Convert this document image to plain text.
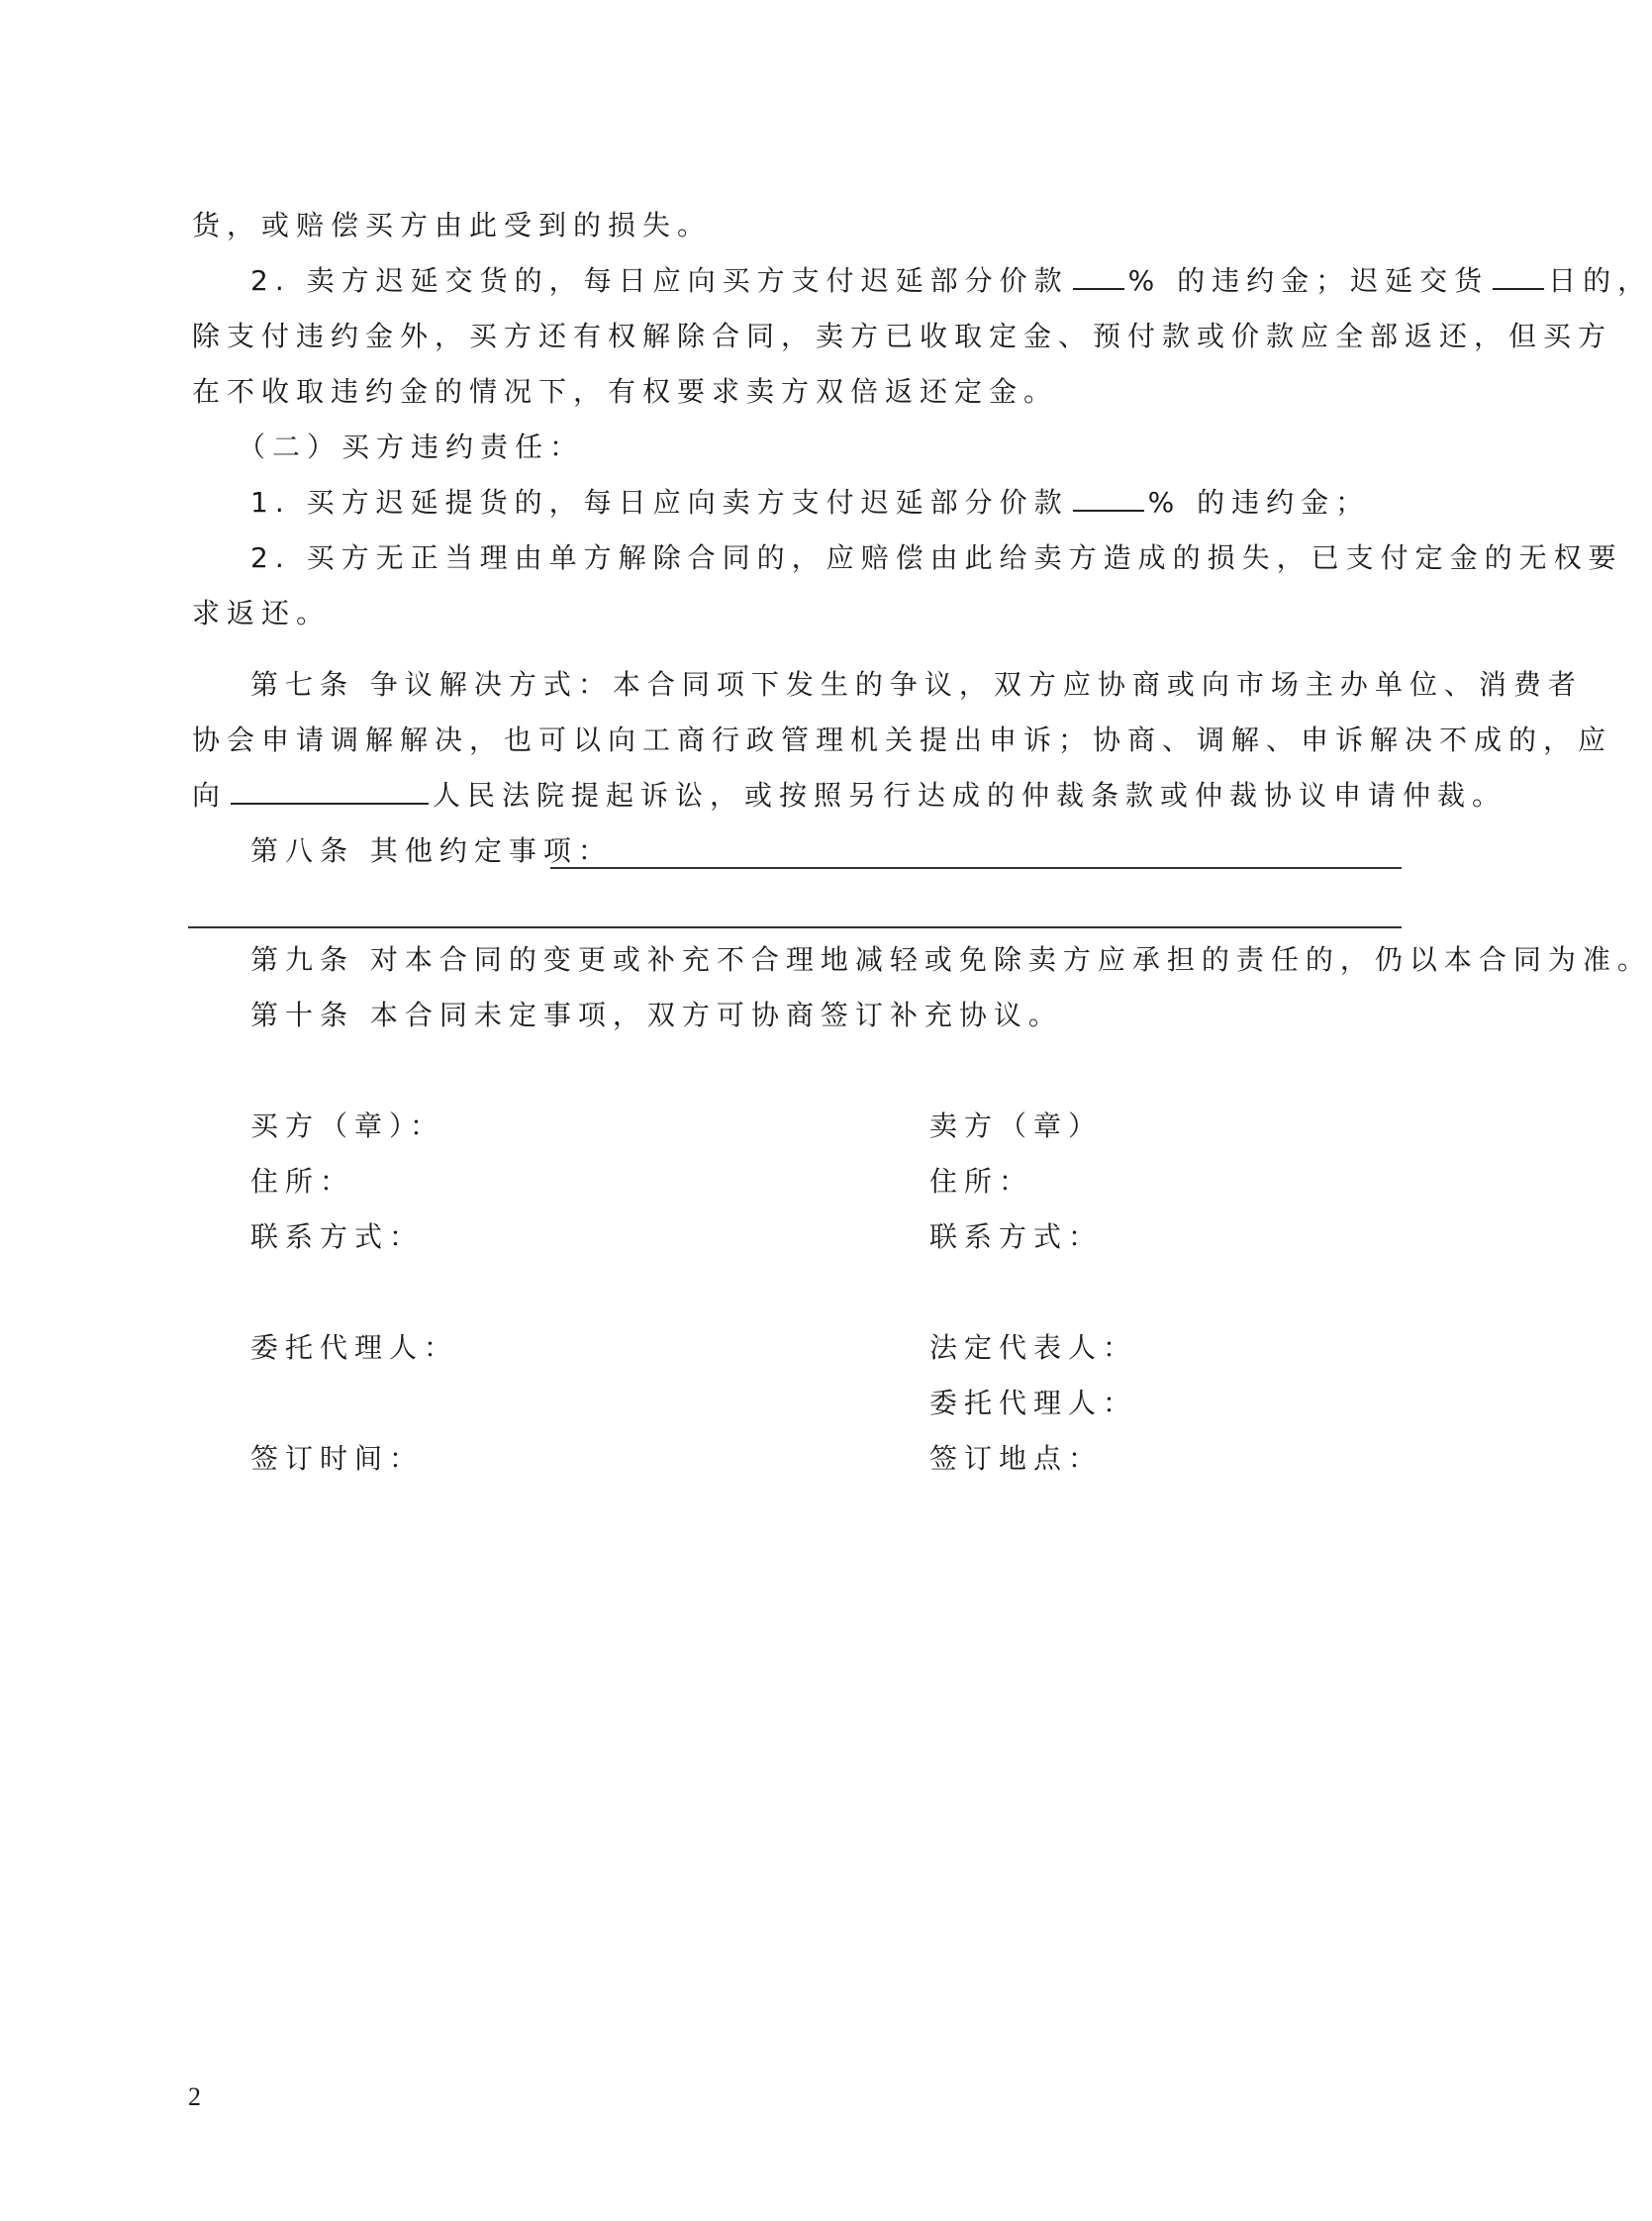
货，或赔偿买方由此受到的损失。
2. 卖方迟延交货的，每日应向买方支付迟延部分价款 % 的违约金；迟延交货 日的，
除支付违约金外，买方还有权解除合同，卖方已收取定金、预付款或价款应全部返还，但买方
在不收取违约金的情况下，有权要求卖方双倍返还定金。
（二）买方违约责任：
1. 买方迟延提货的，每日应向卖方支付迟延部分价款	% 的违约金；
2. 买方无正当理由单方解除合同的，应赔偿由此给卖方造成的损失，已支付定金的无权要
求返还。
第七条 争议解决方式：本合同项下发生的争议，双方应协商或向市场主办单位、消费者
协会申请调解解决，也可以向工商行政管理机关提出申诉；协商、调解、申诉解决不成的，应
向	人民法院提起诉讼，或按照另行达成的仲裁条款或仲裁协议申请仲裁。
第八条 其他约定事项：
第九条 对本合同的变更或补充不合理地减轻或免除卖方应承担的责任的，仍以本合同为准。
第十条 本合同未定事项，双方可协商签订补充协议。
买方（章）：
住所：
联系方式：
委托代理人：
签订时间：
卖方（章）
住所：
联系方式：
法定代表人：
委托代理人：
签订地点：
2
